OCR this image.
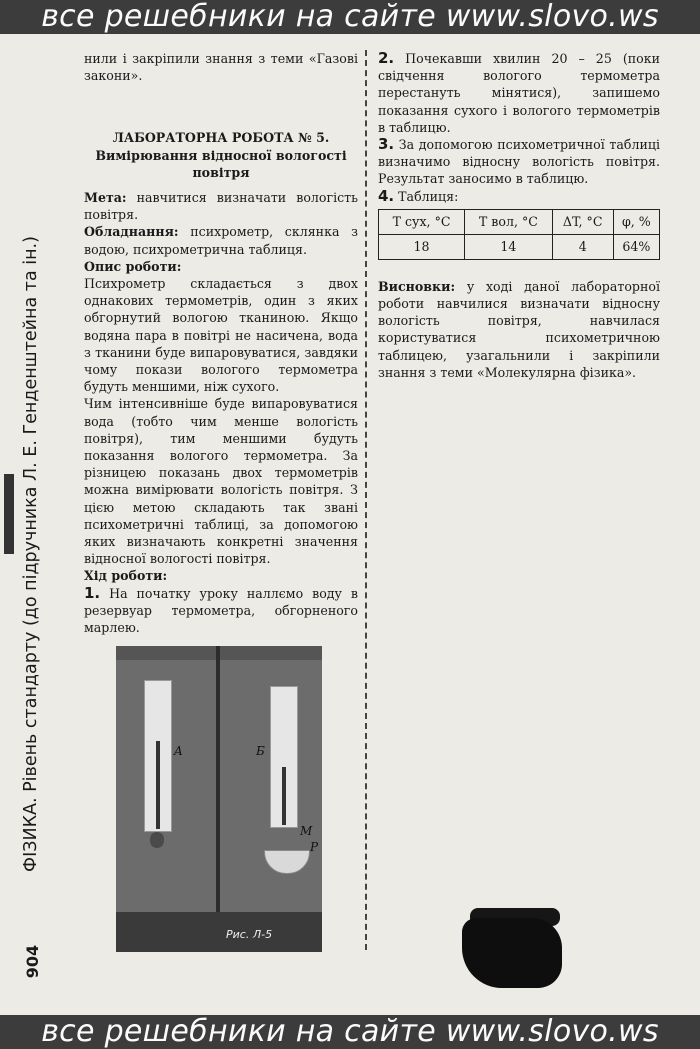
все решебники на сайте www.slovo.ws
ФІЗИКА. Рівень стандарту (до підручника Л. Е. Генденштейна та ін.)
904

нили і закріпили знання з теми «Газові закони».

ЛАБОРАТОРНА РОБОТА № 5.
Вимірювання відносної вологості повітря

Мета: навчитися визначати вологість повітря.

Обладнання: психрометр, склянка з водою, психрометрична таблиця.

Опис роботи:

Психрометр складається з двох однакових термометрів, один з яких обгорнутий вологою тканиною. Якщо водяна пара в повітрі не насичена, вода з тканини буде випаровуватися, завдяки чому покази вологого термометра будуть меншими, ніж сухого.

Чим інтенсивніше буде випаровуватися вода (тобто чим менше вологість повітря), тим меншими будуть показання вологого термометра. За різницею показань двох термометрів можна вимірювати вологість повітря. З цією метою складають так звані психометричні таблиці, за допомогою яких визначають конкретні значення відносної вологості повітря.

Хід роботи:

1. На початку уроку наллємо воду в резервуар термометра, обгорненого марлею.

A	Б
M
P
Рис. Л-5

2. Почекавши хвилин 20 – 25 (поки свідчення вологого термометра перестануть мінятися), запишемо показання сухого і вологого термометрів в таблицю.

3. За допомогою психометричної таблиці визначимо відносну вологість повітря. Результат заносимо в таблицю.

4. Таблиця:

T сух, °C	T вол, °C	ΔT, °C	φ, %
18	14	4	64%

Висновки: у ході даної лабораторної роботи навчилися визначати відносну вологість повітря, навчилася користуватися психометричною таблицею, узагальнили і закріпили знання з теми «Молекулярна фізика».

все решебники на сайте www.slovo.ws
